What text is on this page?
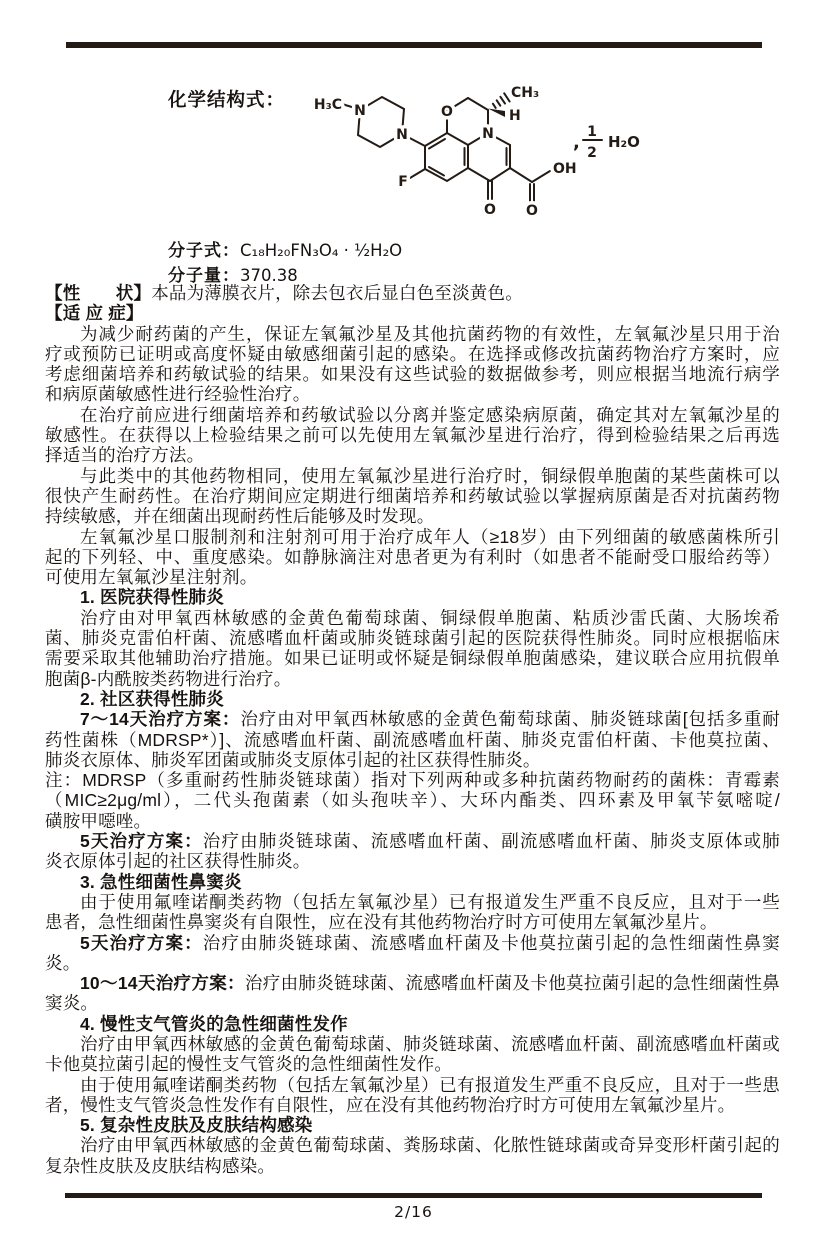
化学结构式： H₃C N
N
O
CH₃
H
N
F
O O
OH
, 1
2
H₂O
分子式：C₁₈H₂₀FN₃O₄ · ½H₂O
分子量：370.38
【性　　状】本品为薄膜衣片，除去包衣后显白色至淡黄色。
【适 应 症】
为减少耐药菌的产生，保证左氧氟沙星及其他抗菌药物的有效性，左氧氟沙星只用于治
疗或预防已证明或高度怀疑由敏感细菌引起的感染。在选择或修改抗菌药物治疗方案时，应
考虑细菌培养和药敏试验的结果。如果没有这些试验的数据做参考，则应根据当地流行病学
和病原菌敏感性进行经验性治疗。
在治疗前应进行细菌培养和药敏试验以分离并鉴定感染病原菌，确定其对左氧氟沙星的
敏感性。在获得以上检验结果之前可以先使用左氧氟沙星进行治疗，得到检验结果之后再选
择适当的治疗方法。
与此类中的其他药物相同，使用左氧氟沙星进行治疗时，铜绿假单胞菌的某些菌株可以
很快产生耐药性。在治疗期间应定期进行细菌培养和药敏试验以掌握病原菌是否对抗菌药物
持续敏感，并在细菌出现耐药性后能够及时发现。
左氧氟沙星口服制剂和注射剂可用于治疗成年人（≥18岁）由下列细菌的敏感菌株所引
起的下列轻、中、重度感染。如静脉滴注对患者更为有利时（如患者不能耐受口服给药等）
可使用左氧氟沙星注射剂。
1. 医院获得性肺炎
治疗由对甲氧西林敏感的金黄色葡萄球菌、铜绿假单胞菌、粘质沙雷氏菌、大肠埃希
菌、肺炎克雷伯杆菌、流感嗜血杆菌或肺炎链球菌引起的医院获得性肺炎。同时应根据临床
需要采取其他辅助治疗措施。如果已证明或怀疑是铜绿假单胞菌感染，建议联合应用抗假单
胞菌β-内酰胺类药物进行治疗。
2. 社区获得性肺炎
7～14天治疗方案：治疗由对甲氧西林敏感的金黄色葡萄球菌、肺炎链球菌[包括多重耐
药性菌株（MDRSP*）]、流感嗜血杆菌、副流感嗜血杆菌、肺炎克雷伯杆菌、卡他莫拉菌、
肺炎衣原体、肺炎军团菌或肺炎支原体引起的社区获得性肺炎。
注：MDRSP（多重耐药性肺炎链球菌）指对下列两种或多种抗菌药物耐药的菌株：青霉素
（MIC≥2μg/ml），二代头孢菌素（如头孢呋辛）、大环内酯类、四环素及甲氧苄氨嘧啶/
磺胺甲噁唑。
5天治疗方案：治疗由肺炎链球菌、流感嗜血杆菌、副流感嗜血杆菌、肺炎支原体或肺
炎衣原体引起的社区获得性肺炎。
3. 急性细菌性鼻窦炎
由于使用氟喹诺酮类药物（包括左氧氟沙星）已有报道发生严重不良反应，且对于一些
患者，急性细菌性鼻窦炎有自限性，应在没有其他药物治疗时方可使用左氧氟沙星片。
5天治疗方案：治疗由肺炎链球菌、流感嗜血杆菌及卡他莫拉菌引起的急性细菌性鼻窦
炎。
10～14天治疗方案：治疗由肺炎链球菌、流感嗜血杆菌及卡他莫拉菌引起的急性细菌性鼻
窦炎。
4. 慢性支气管炎的急性细菌性发作
治疗由甲氧西林敏感的金黄色葡萄球菌、肺炎链球菌、流感嗜血杆菌、副流感嗜血杆菌或
卡他莫拉菌引起的慢性支气管炎的急性细菌性发作。
由于使用氟喹诺酮类药物（包括左氧氟沙星）已有报道发生严重不良反应，且对于一些患
者，慢性支气管炎急性发作有自限性，应在没有其他药物治疗时方可使用左氧氟沙星片。
5. 复杂性皮肤及皮肤结构感染
治疗由甲氧西林敏感的金黄色葡萄球菌、粪肠球菌、化脓性链球菌或奇异变形杆菌引起的
复杂性皮肤及皮肤结构感染。
2/16
